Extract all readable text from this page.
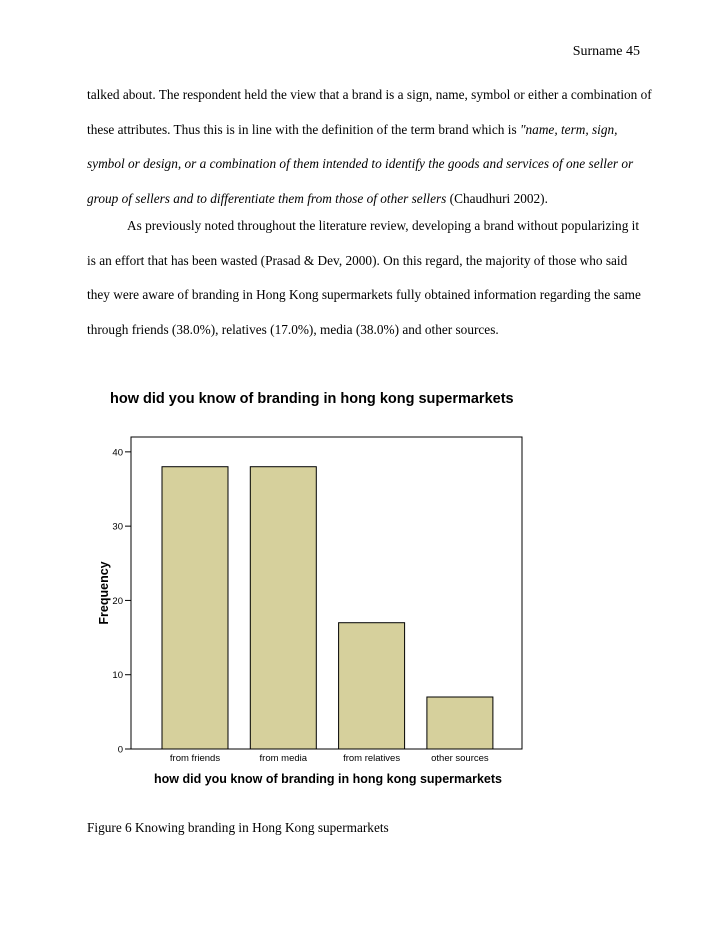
Surname 45

talked about. The respondent held the view that a brand is a sign, name, symbol or either a combination of

these attributes. Thus this is in line with the definition of the term brand which is "name, term, sign,

symbol or design, or a combination of them intended to identify the goods and services of one seller or

group of sellers and to differentiate them from those of other sellers (Chaudhuri 2002).

As previously noted throughout the literature review, developing a brand without popularizing it

is an effort that has been wasted (Prasad & Dev, 2000). On this regard, the majority of those who said

they were aware of branding in Hong Kong supermarkets fully obtained information regarding the same

through friends (38.0%), relatives (17.0%), media (38.0%) and other sources.

how did you know of branding in hong kong supermarkets
0
10
20
30
40
from friends	from media	from relatives	other sources
Frequency
how did you know of branding in hong kong supermarkets
Figure 6 Knowing branding in Hong Kong supermarkets
